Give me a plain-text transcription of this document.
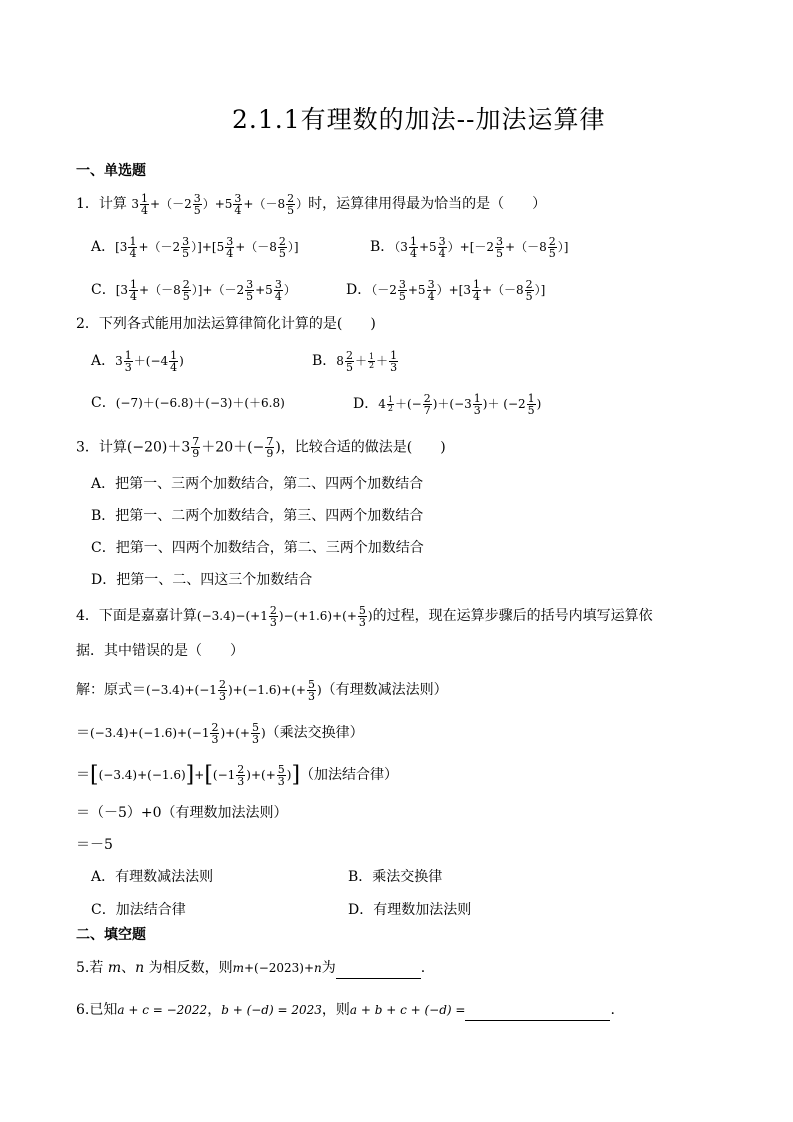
2.1.1有理数的加法--加法运算律
一、单选题
1．计算 $3 \frac{1}{4} +(-2 \frac{3}{5} )+5 \frac{3}{4} +(-8 \frac{2}{5}$ ）时，运算律用得最为恰当的是（　　）
A．$[3 \frac{1}{4} +(-2 \frac{3}{5} )]+[5 \frac{3}{4} +(-8 \frac{2}{5}$ ）]	B．$(3 \frac{1}{4} +5 \frac{3}{4} )+[-2 \frac{3}{5} +(-8 \frac{2}{5}$ ）]
C．$[3 \frac{1}{4} +(-8 \frac{2}{5} )]+(-2 \frac{3}{5} +5 \frac{3}{4}$ ）	D．$(-2 \frac{3}{5} +5 \frac{3}{4} )+[3 \frac{1}{4} +(-8 \frac{2}{5}$ ）]
2．下列各式能用加法运算律简化计算的是(　　)
A．$3 \frac{1}{3} +(-4 \frac{1}{4}$ )	B．$8 \frac{2}{5} + \frac{1}{2} + \frac{1}{3}$
C．(−7)＋(−6.8)＋(−3)＋(＋6.8)	D．$4 \frac{1}{2}$ ＋(− $\frac{2}{7} )+(-3 \frac{1}{3}$ )＋ ($-2 \frac{1}{5}$ )
3．计算$(-20)+3 \frac{7}{9} +20+(- \frac{7}{9}$ )，比较合适的做法是(　　)
A．把第一、三两个加数结合，第二、四两个加数结合
B．把第一、二两个加数结合，第三、四两个加数结合
C．把第一、四两个加数结合，第二、三两个加数结合
D．把第一、二、四这三个加数结合
4．下面是嘉嘉计算$(-3.4)-(+1 \frac{2}{3} )-(+1.6)+(+ \frac{5}{3}$ )的过程，现在运算步骤后的括号内填写运算依
据．其中错误的是（　　）
解：原式$=(-3.4)+(-1 \frac{2}{3} )+(-1.6)+(+ \frac{5}{3}$ )（有理数减法法则）
$=(-3.4)+(-1.6)+(-1 \frac{2}{3}$ )+(+ $\frac{5}{3}$ )（乘法交换律）
$=[(-3.4)+(-1.6)]+[(-1 \frac{2}{3}$ )+(+ $\frac{5}{3}$ )]（加法结合律）
＝（－5）+0（有理数加法法则）
＝－5
A．有理数减法法则	B．乘法交换律
C．加法结合律	D．有理数加法法则
二、填空题
5.若 m、n 为相反数，则m+(−2023)+n为	.
6.已知a + c = −2022，b + (−d) = 2023，则a + b + c + (−d) =	.
